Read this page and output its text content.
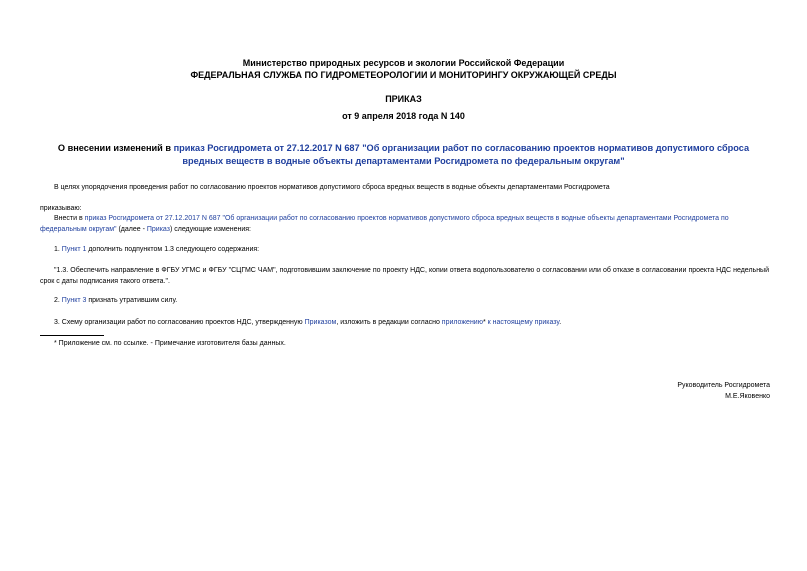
Министерство природных ресурсов и экологии Российской Федерации
ФЕДЕРАЛЬНАЯ СЛУЖБА ПО ГИДРОМЕТЕОРОЛОГИИ И МОНИТОРИНГУ ОКРУЖАЮЩЕЙ СРЕДЫ
ПРИКАЗ
от 9 апреля 2018 года N 140
О внесении изменений в приказ Росгидромета от 27.12.2017 N 687 "Об организации работ по согласованию проектов нормативов допустимого сброса вредных веществ в водные объекты департаментами Росгидромета по федеральным округам"
В целях упорядочения проведения работ по согласованию проектов нормативов допустимого сброса вредных веществ в водные объекты департаментами Росгидромета
приказываю:
Внести в приказ Росгидромета от 27.12.2017 N 687 "Об организации работ по согласованию проектов нормативов допустимого сброса вредных веществ в водные объекты департаментами Росгидромета по федеральным округам" (далее - Приказ) следующие изменения:
1. Пункт 1 дополнить подпунктом 1.3 следующего содержания:
"1.3. Обеспечить направление в ФГБУ УГМС и ФГБУ "СЦГМС ЧАМ", подготовившим заключение по проекту НДС, копии ответа водопользователю о согласовании или об отказе в согласовании проекта НДС недельный срок с даты подписания такого ответа.".
2. Пункт 3 признать утратившим силу.
3. Схему организации работ по согласованию проектов НДС, утвержденную Приказом, изложить в редакции согласно приложению* к настоящему приказу.
* Приложение см. по ссылке. - Примечание изготовителя базы данных.
Руководитель Росгидромета
М.Е.Яковенко
